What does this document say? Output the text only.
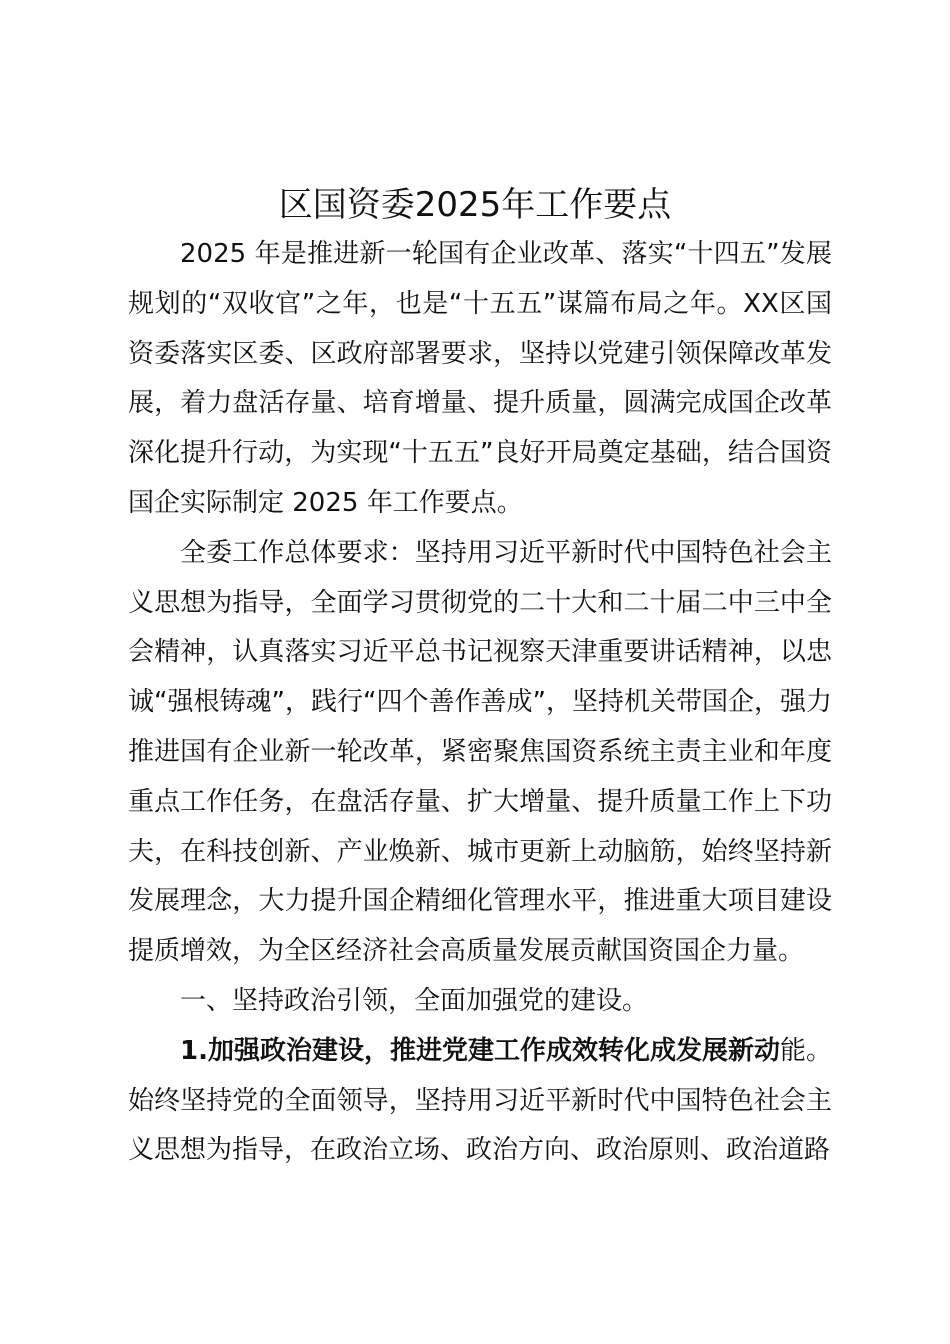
区国资委2025年工作要点

2025 年是推进新一轮国有企业改革、落实“十四五”发展规划的“双收官”之年，也是“十五五”谋篇布局之年。XX区国资委落实区委、区政府部署要求，坚持以党建引领保障改革发展，着力盘活存量、培育增量、提升质量，圆满完成国企改革深化提升行动，为实现“十五五”良好开局奠定基础，结合国资国企实际制定 2025 年工作要点。

全委工作总体要求：坚持用习近平新时代中国特色社会主义思想为指导，全面学习贯彻党的二十大和二十届二中三中全会精神，认真落实习近平总书记视察天津重要讲话精神，以忠诚“强根铸魂”，践行“四个善作善成”，坚持机关带国企，强力推进国有企业新一轮改革，紧密聚焦国资系统主责主业和年度重点工作任务，在盘活存量、扩大增量、提升质量工作上下功夫，在科技创新、产业焕新、城市更新上动脑筋，始终坚持新发展理念，大力提升国企精细化管理水平，推进重大项目建设提质增效，为全区经济社会高质量发展贡献国资国企力量。

一、坚持政治引领，全面加强党的建设。

1.加强政治建设，推进党建工作成效转化成发展新动能。始终坚持党的全面领导，坚持用习近平新时代中国特色社会主义思想为指导，在政治立场、政治方向、政治原则、政治道路
